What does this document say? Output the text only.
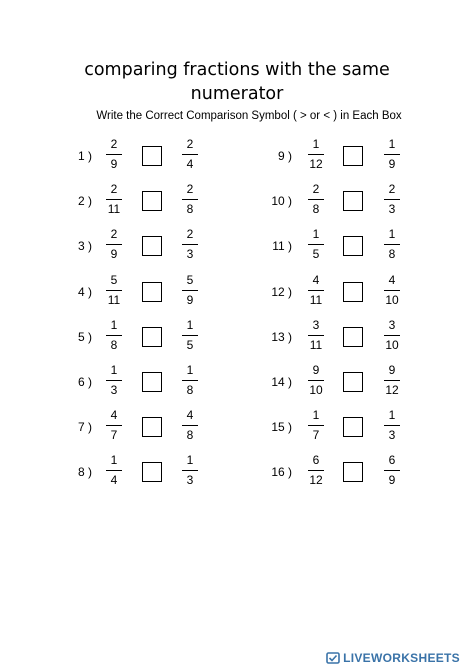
comparing fractions with the same
numerator
Write the Correct Comparison Symbol ( > or < ) in Each Box
1 )
2
9
2
4
2 )
2
11
2
8
3 )
2
9
2
3
4 )
5
11
5
9
5 )
1
8
1
5
6 )
1
3
1
8
7 )
4
7
4
8
8 )
1
4
1
3
9 )
1
12
1
9
10 )
2
8
2
3
11 )
1
5
1
8
12 )
4
11
4
10
13 )
3
11
3
10
14 )
9
10
9
12
15 )
1
7
1
3
16 )
6
12
6
9
LIVEWORKSHEETS
